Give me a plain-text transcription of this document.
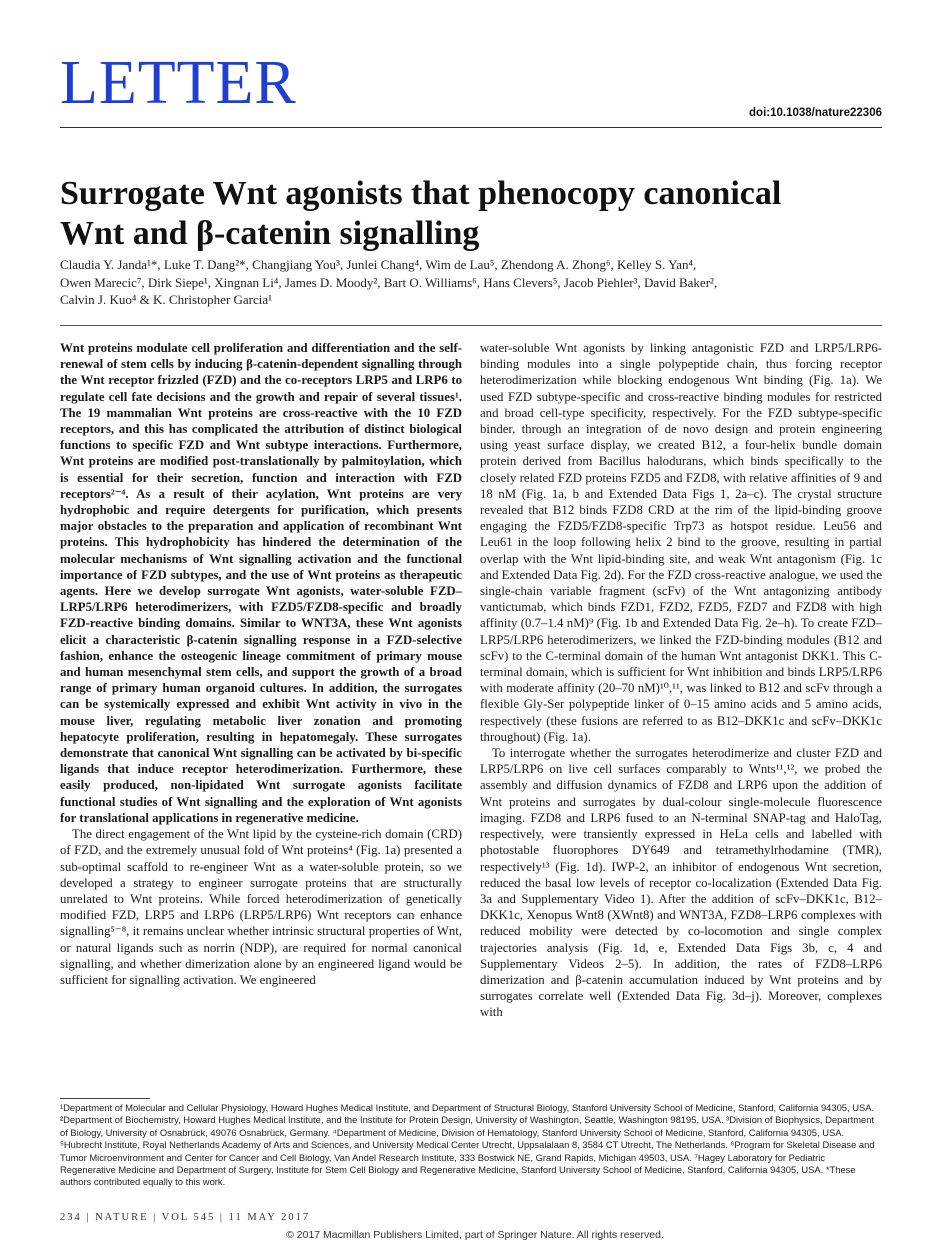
LETTER	doi:10.1038/nature22306
Surrogate Wnt agonists that phenocopy canonical
Wnt and β-catenin signalling
Claudia Y. Janda¹*, Luke T. Dang²*, Changjiang You³, Junlei Chang⁴, Wim de Lau⁵, Zhendong A. Zhong⁶, Kelley S. Yan⁴,
Owen Marecic⁷, Dirk Siepe¹, Xingnan Li⁴, James D. Moody², Bart O. Williams⁶, Hans Clevers⁵, Jacob Piehler³, David Baker²,
Calvin J. Kuo⁴ & K. Christopher Garcia¹

Wnt proteins modulate cell proliferation and differentiation and the self-renewal of stem cells by inducing β-catenin-dependent signalling through the Wnt receptor frizzled (FZD) and the co-receptors LRP5 and LRP6 to regulate cell fate decisions and the growth and repair of several tissues¹. The 19 mammalian Wnt proteins are cross-reactive with the 10 FZD receptors, and this has complicated the attribution of distinct biological functions to specific FZD and Wnt subtype interactions. Furthermore, Wnt proteins are modified post-translationally by palmitoylation, which is essential for their secretion, function and interaction with FZD receptors²⁻⁴. As a result of their acylation, Wnt proteins are very hydrophobic and require detergents for purification, which presents major obstacles to the preparation and application of recombinant Wnt proteins. This hydrophobicity has hindered the determination of the molecular mechanisms of Wnt signalling activation and the functional importance of FZD subtypes, and the use of Wnt proteins as therapeutic agents. Here we develop surrogate Wnt agonists, water-soluble FZD–LRP5/LRP6 heterodimerizers, with FZD5/FZD8-specific and broadly FZD-reactive binding domains. Similar to WNT3A, these Wnt agonists elicit a characteristic β-catenin signalling response in a FZD-selective fashion, enhance the osteogenic lineage commitment of primary mouse and human mesenchymal stem cells, and support the growth of a broad range of primary human organoid cultures. In addition, the surrogates can be systemically expressed and exhibit Wnt activity in vivo in the mouse liver, regulating metabolic liver zonation and promoting hepatocyte proliferation, resulting in hepatomegaly. These surrogates demonstrate that canonical Wnt signalling can be activated by bi-specific ligands that induce receptor heterodimerization. Furthermore, these easily produced, non-lipidated Wnt surrogate agonists facilitate functional studies of Wnt signalling and the exploration of Wnt agonists for translational applications in regenerative medicine.

The direct engagement of the Wnt lipid by the cysteine-rich domain (CRD) of FZD, and the extremely unusual fold of Wnt proteins⁴ (Fig. 1a) presented a sub-optimal scaffold to re-engineer Wnt as a water-soluble protein, so we developed a strategy to engineer surrogate proteins that are structurally unrelated to Wnt proteins. While forced heterodimerization of genetically modified FZD, LRP5 and LRP6 (LRP5/LRP6) Wnt receptors can enhance signalling⁵⁻⁸, it remains unclear whether intrinsic structural properties of Wnt, or natural ligands such as norrin (NDP), are required for normal canonical signalling, and whether dimerization alone by an engineered ligand would be sufficient for signalling activation. We engineered

water-soluble Wnt agonists by linking antagonistic FZD and LRP5/LRP6-binding modules into a single polypeptide chain, thus forcing receptor heterodimerization while blocking endogenous Wnt binding (Fig. 1a). We used FZD subtype-specific and cross-reactive binding modules for restricted and broad cell-type specificity, respectively. For the FZD subtype-specific binder, through an integration of de novo design and protein engineering using yeast surface display, we created B12, a four-helix bundle domain protein derived from Bacillus halodurans, which binds specifically to the closely related FZD proteins FZD5 and FZD8, with relative affinities of 9 and 18 nM (Fig. 1a, b and Extended Data Figs 1, 2a–c). The crystal structure revealed that B12 binds FZD8 CRD at the rim of the lipid-binding groove engaging the FZD5/FZD8-specific Trp73 as hotspot residue. Leu56 and Leu61 in the loop following helix 2 bind to the groove, resulting in partial overlap with the Wnt lipid-binding site, and weak Wnt antagonism (Fig. 1c and Extended Data Fig. 2d). For the FZD cross-reactive analogue, we used the single-chain variable fragment (scFv) of the Wnt antagonizing antibody vantictumab, which binds FZD1, FZD2, FZD5, FZD7 and FZD8 with high affinity (0.7–1.4 nM)⁹ (Fig. 1b and Extended Data Fig. 2e–h). To create FZD–LRP5/LRP6 heterodimerizers, we linked the FZD-binding modules (B12 and scFv) to the C-terminal domain of the human Wnt antagonist DKK1. This C-terminal domain, which is sufficient for Wnt inhibition and binds LRP5/LRP6 with moderate affinity (20–70 nM)¹⁰,¹¹, was linked to B12 and scFv through a flexible Gly-Ser polypeptide linker of 0–15 amino acids and 5 amino acids, respectively (these fusions are referred to as B12–DKK1c and scFv–DKK1c throughout) (Fig. 1a).

To interrogate whether the surrogates heterodimerize and cluster FZD and LRP5/LRP6 on live cell surfaces comparably to Wnts¹¹,¹², we probed the assembly and diffusion dynamics of FZD8 and LRP6 upon the addition of Wnt proteins and surrogates by dual-colour single-molecule fluorescence imaging. FZD8 and LRP6 fused to an N-terminal SNAP-tag and HaloTag, respectively, were transiently expressed in HeLa cells and labelled with photostable fluorophores DY649 and tetramethylrhodamine (TMR), respectively¹³ (Fig. 1d). IWP-2, an inhibitor of endogenous Wnt secretion, reduced the basal low levels of receptor co-localization (Extended Data Fig. 3a and Supplementary Video 1). After the addition of scFv–DKK1c, B12–DKK1c, Xenopus Wnt8 (XWnt8) and WNT3A, FZD8–LRP6 complexes with reduced mobility were detected by co-locomotion and single complex trajectories analysis (Fig. 1d, e, Extended Data Figs 3b, c, 4 and Supplementary Videos 2–5). In addition, the rates of FZD8–LRP6 dimerization and β-catenin accumulation induced by Wnt proteins and by surrogates correlate well (Extended Data Fig. 3d–j). Moreover, complexes with

¹Department of Molecular and Cellular Physiology, Howard Hughes Medical Institute, and Department of Structural Biology, Stanford University School of Medicine, Stanford, California 94305, USA. ²Department of Biochemistry, Howard Hughes Medical Institute, and the Institute for Protein Design, University of Washington, Seattle, Washington 98195, USA. ³Division of Biophysics, Department of Biology, University of Osnabrück, 49076 Osnabrück, Germany. ⁴Department of Medicine, Division of Hematology, Stanford University School of Medicine, Stanford, California 94305, USA. ⁵Hubrecht Institute, Royal Netherlands Academy of Arts and Sciences, and University Medical Center Utrecht, Uppsalalaan 8, 3584 CT Utrecht, The Netherlands. ⁶Program for Skeletal Disease and Tumor Microenvironment and Center for Cancer and Cell Biology, Van Andel Research Institute, 333 Bostwick NE, Grand Rapids, Michigan 49503, USA. ⁷Hagey Laboratory for Pediatric Regenerative Medicine and Department of Surgery, Institute for Stem Cell Biology and Regenerative Medicine, Stanford University School of Medicine, Stanford, California 94305, USA. *These authors contributed equally to this work.
234 | NATURE | VOL 545 | 11 MAY 2017
© 2017 Macmillan Publishers Limited, part of Springer Nature. All rights reserved.
